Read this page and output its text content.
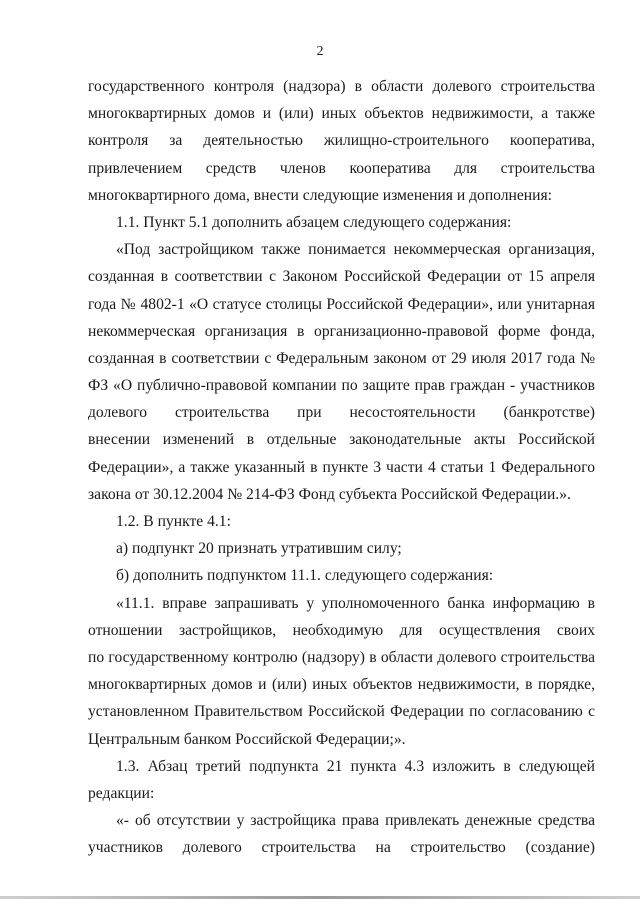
2
государственного контроля (надзора) в области долевого строительства
многоквартирных домов и (или) иных объектов недвижимости, а также
контроля за деятельностью жилищно-строительного кооператива,
привлечением средств членов кооператива для строительства
многоквартирного дома, внести следующие изменения и дополнения:
1.1. Пункт 5.1 дополнить абзацем следующего содержания:
«Под застройщиком также понимается некоммерческая организация,
созданная в соответствии с Законом Российской Федерации от 15 апреля
года № 4802-1 «О статусе столицы Российской Федерации», или унитарная
некоммерческая организация в организационно-правовой форме фонда,
созданная в соответствии с Федеральным законом от 29 июля 2017 года №
ФЗ «О публично-правовой компании по защите прав граждан - участников
долевого строительства при несостоятельности (банкротстве)
внесении изменений в отдельные законодательные акты Российской
Федерации», а также указанный в пункте 3 части 4 статьи 1 Федерального
закона от 30.12.2004 № 214-ФЗ Фонд субъекта Российской Федерации.».
1.2. В пункте 4.1:
а) подпункт 20 признать утратившим силу;
б) дополнить подпунктом 11.1. следующего содержания:
«11.1. вправе запрашивать у уполномоченного банка информацию в
отношении застройщиков, необходимую для осуществления своих
по государственному контролю (надзору) в области долевого строительства
многоквартирных домов и (или) иных объектов недвижимости, в порядке,
установленном Правительством Российской Федерации по согласованию с
Центральным банком Российской Федерации;».
1.3. Абзац третий подпункта 21 пункта 4.3 изложить в следующей
редакции:
«- об отсутствии у застройщика права привлекать денежные средства
участников долевого строительства на строительство (создание)
